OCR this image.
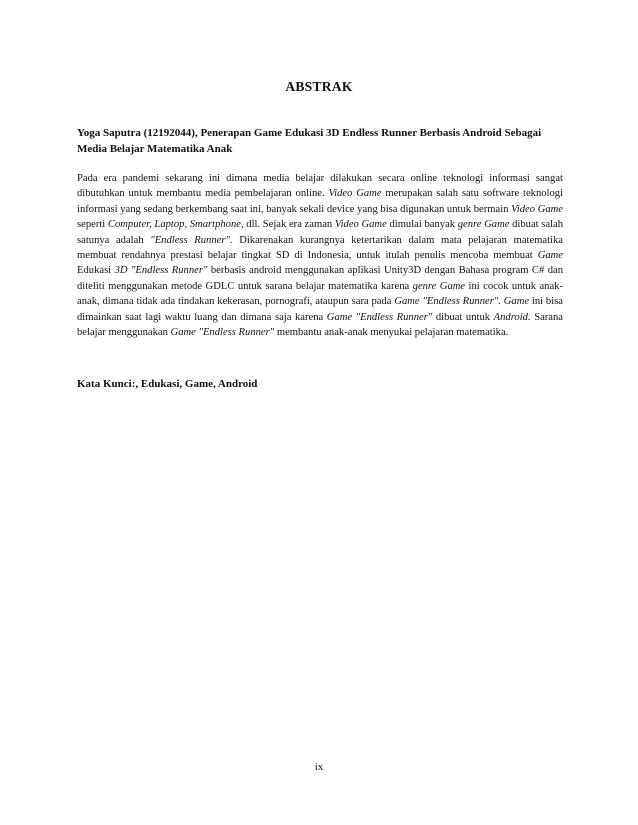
ABSTRAK
Yoga Saputra (12192044), Penerapan Game Edukasi 3D Endless Runner Berbasis Android Sebagai Media Belajar Matematika Anak
Pada era pandemi sekarang ini dimana media belajar dilakukan secara online teknologi informasi sangat dibutuhkan untuk membantu media pembelajaran online. Video Game merupakan salah satu software teknologi informasi yang sedang berkembang saat ini, banyak sekali device yang bisa digunakan untuk bermain Video Game seperti Computer, Laptop, Smartphone, dll. Sejak era zaman Video Game dimulai banyak genre Game dibuat salah satunya adalah "Endless Runner". Dikarenakan kurangnya ketertarikan dalam mata pelajaran matematika membuat rendahnya prestasi belajar tingkat SD di Indonesia, untuk itulah penulis mencoba membuat Game Edukasi 3D "Endless Runner" berbasis android menggunakan aplikasi Unity3D dengan Bahasa program C# dan diteliti menggunakan metode GDLC untuk sarana belajar matematika karena genre Game ini cocok untuk anak-anak, dimana tidak ada tindakan kekerasan, pornografi, ataupun sara pada Game "Endless Runner". Game ini bisa dimainkan saat lagi waktu luang dan dimana saja karena Game "Endless Runner" dibuat untuk Android. Sarana belajar menggunakan Game "Endless Runner" membantu anak-anak menyukai pelajaran matematika.
Kata Kunci:, Edukasi, Game, Android
ix
